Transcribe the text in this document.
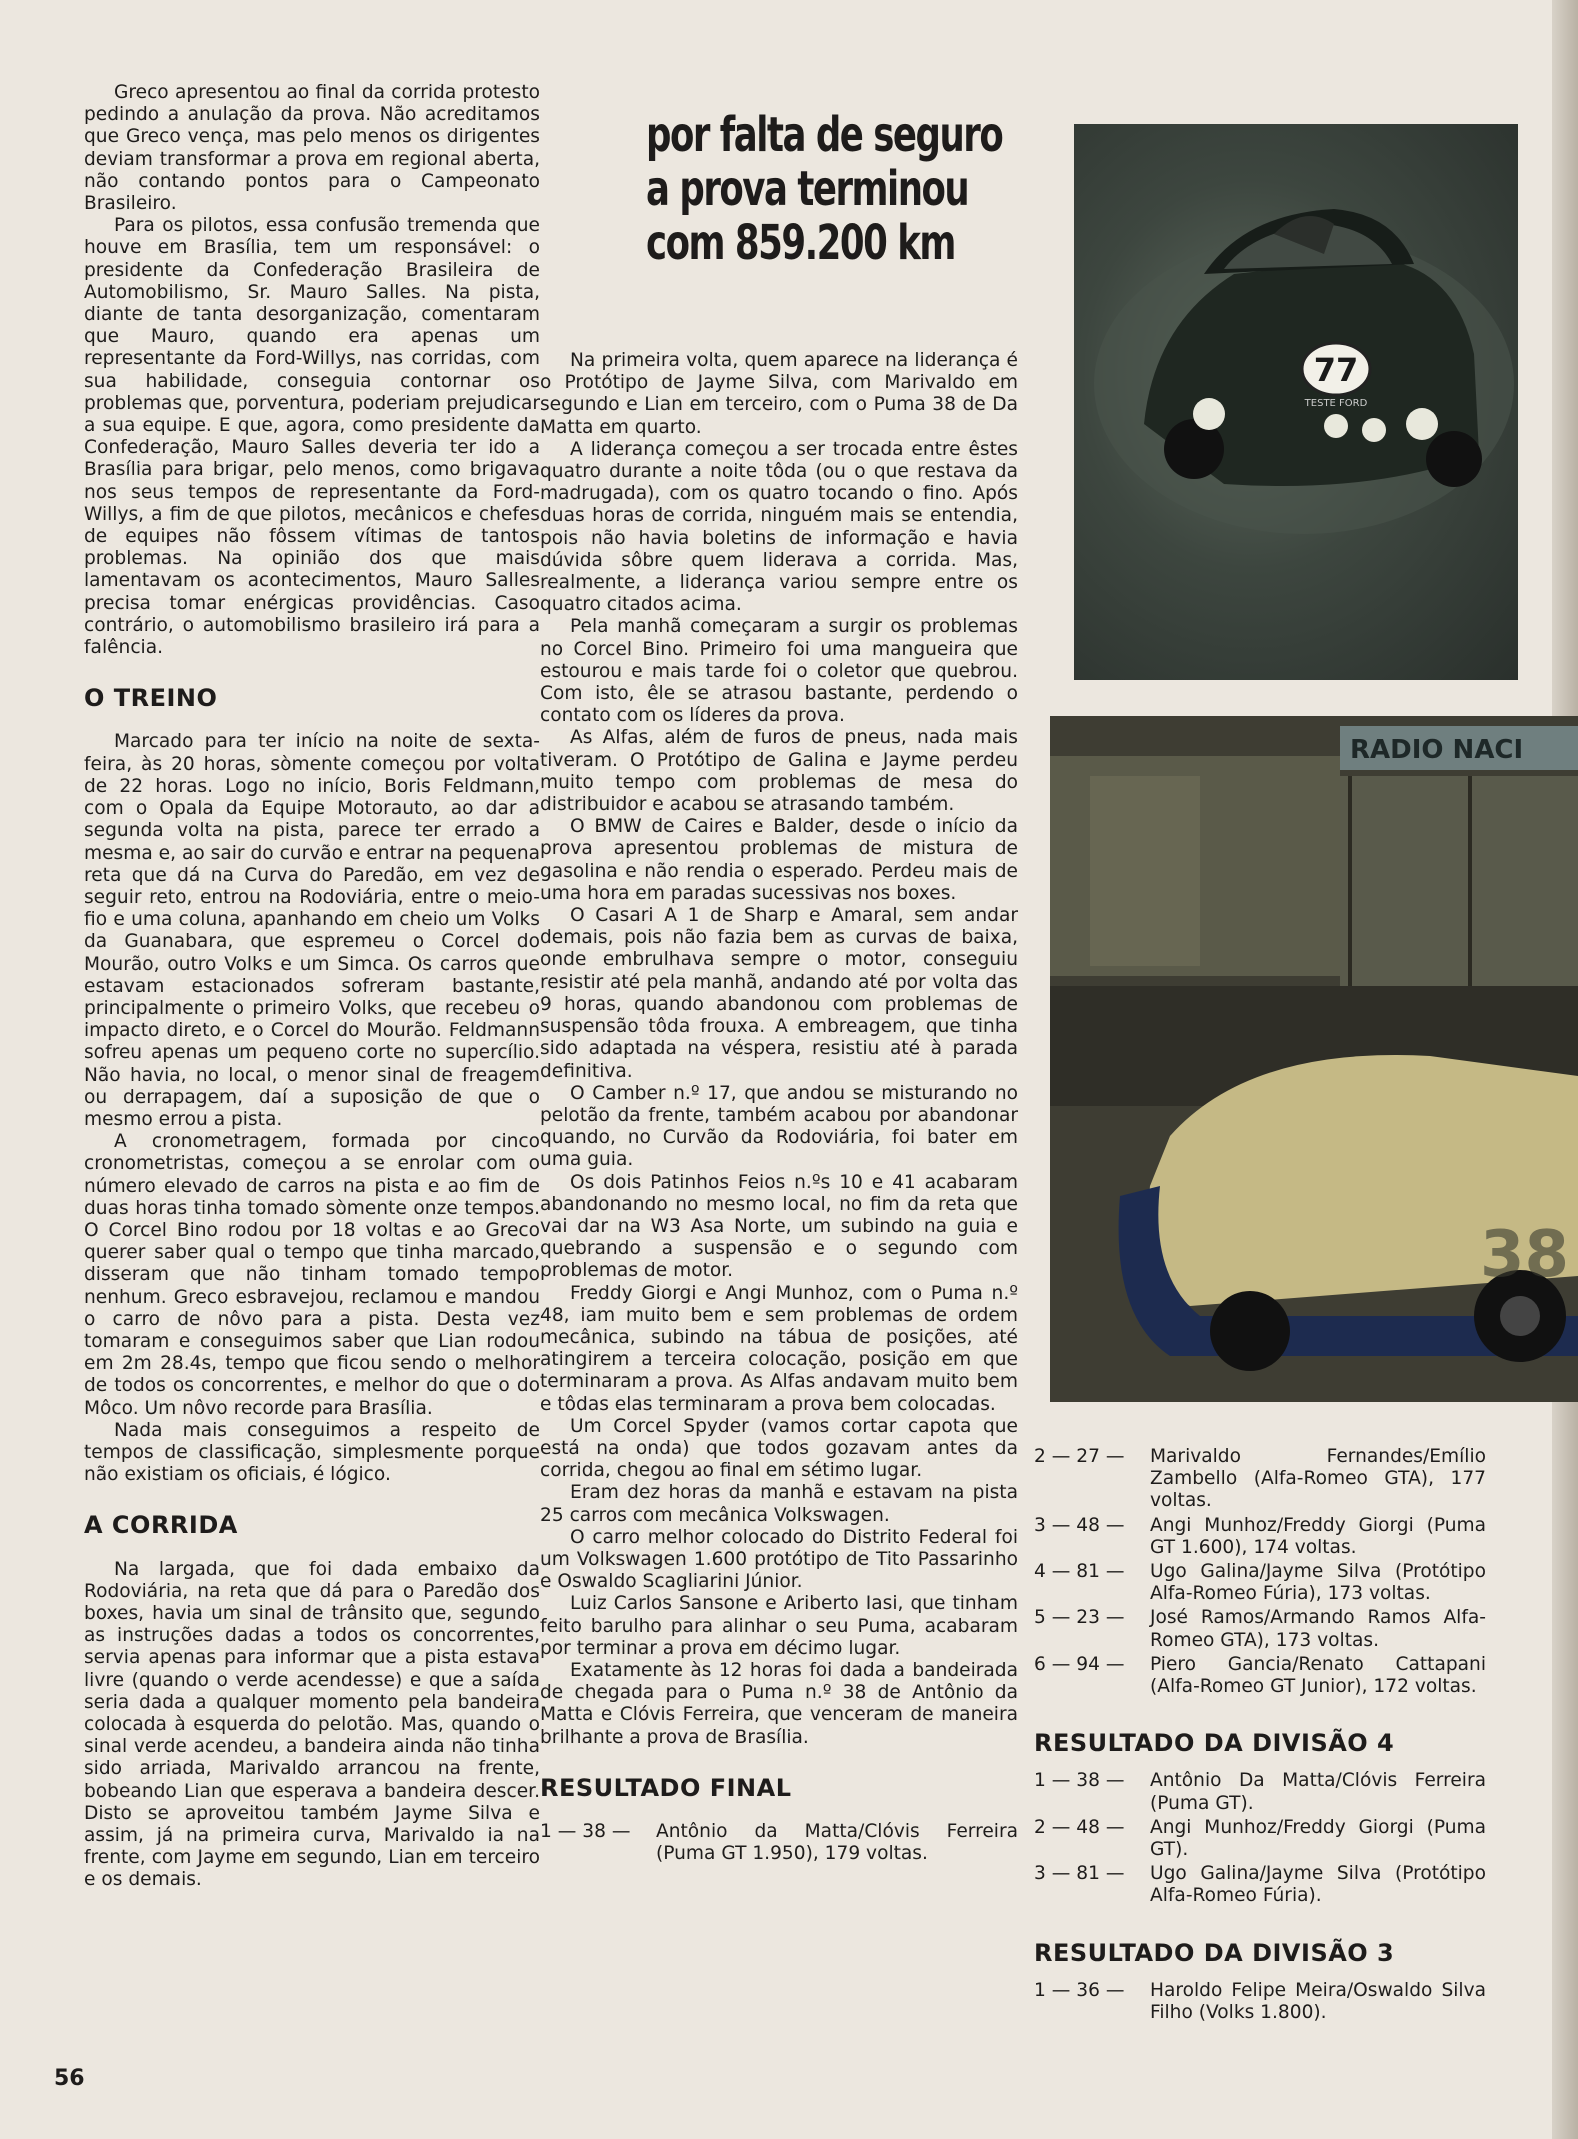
Greco apresentou ao final da corrida protesto pedindo a anulação da prova. Não acreditamos que Greco vença, mas pelo menos os dirigentes deviam transformar a prova em regional aberta, não contando pontos para o Campeonato Brasileiro.

Para os pilotos, essa confusão tremenda que houve em Brasília, tem um responsável: o presidente da Confederação Brasileira de Automobilismo, Sr. Mauro Salles. Na pista, diante de tanta desorganização, comentaram que Mauro, quando era apenas um representante da Ford-Willys, nas corridas, com sua habilidade, conseguia contornar os problemas que, porventura, poderiam prejudicar a sua equipe. E que, agora, como presidente da Confederação, Mauro Salles deveria ter ido a Brasília para brigar, pelo menos, como brigava nos seus tempos de representante da Ford-Willys, a fim de que pilotos, mecânicos e chefes de equipes não fôssem vítimas de tantos problemas. Na opinião dos que mais lamentavam os acontecimentos, Mauro Salles precisa tomar enérgicas providências. Caso contrário, o automobilismo brasileiro irá para a falência.

O TREINO

Marcado para ter início na noite de sexta-feira, às 20 horas, sòmente começou por volta de 22 horas. Logo no início, Boris Feldmann, com o Opala da Equipe Motorauto, ao dar a segunda volta na pista, parece ter errado a mesma e, ao sair do curvão e entrar na pequena reta que dá na Curva do Paredão, em vez de seguir reto, entrou na Rodoviária, entre o meio-fio e uma coluna, apanhando em cheio um Volks da Guanabara, que espremeu o Corcel do Mourão, outro Volks e um Simca. Os carros que estavam estacionados sofreram bastante, principalmente o primeiro Volks, que recebeu o impacto direto, e o Corcel do Mourão. Feldmann sofreu apenas um pequeno corte no supercílio. Não havia, no local, o menor sinal de freagem ou derrapagem, daí a suposição de que o mesmo errou a pista.

A cronometragem, formada por cinco cronometristas, começou a se enrolar com o número elevado de carros na pista e ao fim de duas horas tinha tomado sòmente onze tempos. O Corcel Bino rodou por 18 voltas e ao Greco querer saber qual o tempo que tinha marcado, disseram que não tinham tomado tempo nenhum. Greco esbravejou, reclamou e mandou o carro de nôvo para a pista. Desta vez tomaram e conseguimos saber que Lian rodou em 2m 28.4s, tempo que ficou sendo o melhor de todos os concorrentes, e melhor do que o do Môco. Um nôvo recorde para Brasília.

Nada mais conseguimos a respeito de tempos de classificação, simplesmente porque não existiam os oficiais, é lógico.

A CORRIDA

Na largada, que foi dada embaixo da Rodoviária, na reta que dá para o Paredão dos boxes, havia um sinal de trânsito que, segundo as instruções dadas a todos os concorrentes, servia apenas para informar que a pista estava livre (quando o verde acendesse) e que a saída seria dada a qualquer momento pela bandeira colocada à esquerda do pelotão. Mas, quando o sinal verde acendeu, a bandeira ainda não tinha sido arriada, Marivaldo arrancou na frente, bobeando Lian que esperava a bandeira descer. Disto se aproveitou também Jayme Silva e assim, já na primeira curva, Marivaldo ia na frente, com Jayme em segundo, Lian em terceiro e os demais.

por falta de seguro
a prova terminou
com 859.200 km

Na primeira volta, quem aparece na liderança é o Protótipo de Jayme Silva, com Marivaldo em segundo e Lian em terceiro, com o Puma 38 de Da Matta em quarto.

A liderança começou a ser trocada entre êstes quatro durante a noite tôda (ou o que restava da madrugada), com os quatro tocando o fino. Após duas horas de corrida, ninguém mais se entendia, pois não havia boletins de informação e havia dúvida sôbre quem liderava a corrida. Mas, realmente, a liderança variou sempre entre os quatro citados acima.

Pela manhã começaram a surgir os problemas no Corcel Bino. Primeiro foi uma mangueira que estourou e mais tarde foi o coletor que quebrou. Com isto, êle se atrasou bastante, perdendo o contato com os líderes da prova.

As Alfas, além de furos de pneus, nada mais tiveram. O Protótipo de Galina e Jayme perdeu muito tempo com problemas de mesa do distribuidor e acabou se atrasando também.

O BMW de Caires e Balder, desde o início da prova apresentou problemas de mistura de gasolina e não rendia o esperado. Perdeu mais de uma hora em paradas sucessivas nos boxes.

O Casari A 1 de Sharp e Amaral, sem andar demais, pois não fazia bem as curvas de baixa, onde embrulhava sempre o motor, conseguiu resistir até pela manhã, andando até por volta das 9 horas, quando abandonou com problemas de suspensão tôda frouxa. A embreagem, que tinha sido adaptada na véspera, resistiu até à parada definitiva.

O Camber n.º 17, que andou se misturando no pelotão da frente, também acabou por abandonar quando, no Curvão da Rodoviária, foi bater em uma guia.

Os dois Patinhos Feios n.ºs 10 e 41 acabaram abandonando no mesmo local, no fim da reta que vai dar na W3 Asa Norte, um subindo na guia e quebrando a suspensão e o segundo com problemas de motor.

Freddy Giorgi e Angi Munhoz, com o Puma n.º 48, iam muito bem e sem problemas de ordem mecânica, subindo na tábua de posições, até atingirem a terceira colocação, posição em que terminaram a prova. As Alfas andavam muito bem e tôdas elas terminaram a prova bem colocadas.

Um Corcel Spyder (vamos cortar capota que está na onda) que todos gozavam antes da corrida, chegou ao final em sétimo lugar.

Eram dez horas da manhã e estavam na pista 25 carros com mecânica Volkswagen.

O carro melhor colocado do Distrito Federal foi um Volkswagen 1.600 protótipo de Tito Passarinho e Oswaldo Scagliarini Júnior.

Luiz Carlos Sansone e Ariberto Iasi, que tinham feito barulho para alinhar o seu Puma, acabaram por terminar a prova em décimo lugar.

Exatamente às 12 horas foi dada a bandeirada de chegada para o Puma n.º 38 de Antônio da Matta e Clóvis Ferreira, que venceram de maneira brilhante a prova de Brasília.

RESULTADO FINAL
1 — 38 —	Antônio da Matta/Clóvis Ferreira (Puma GT 1.950), 179 voltas.
77
TESTE FORD
RADIO NACI
38
2 — 27 —	Marivaldo Fernandes/Emílio Zambello (Alfa-Romeo GTA), 177 voltas.
3 — 48 —	Angi Munhoz/Freddy Giorgi (Puma GT 1.600), 174 voltas.
4 — 81 —	Ugo Galina/Jayme Silva (Protótipo Alfa-Romeo Fúria), 173 voltas.
5 — 23 —	José Ramos/Armando Ramos Alfa-Romeo GTA), 173 voltas.
6 — 94 —	Piero Gancia/Renato Cattapani (Alfa-Romeo GT Junior), 172 voltas.
RESULTADO DA DIVISÃO 4
1 — 38 —	Antônio Da Matta/Clóvis Ferreira (Puma GT).
2 — 48 —	Angi Munhoz/Freddy Giorgi (Puma GT).
3 — 81 —	Ugo Galina/Jayme Silva (Protótipo Alfa-Romeo Fúria).
RESULTADO DA DIVISÃO 3
1 — 36 —	Haroldo Felipe Meira/Oswaldo Silva Filho (Volks 1.800).
56
